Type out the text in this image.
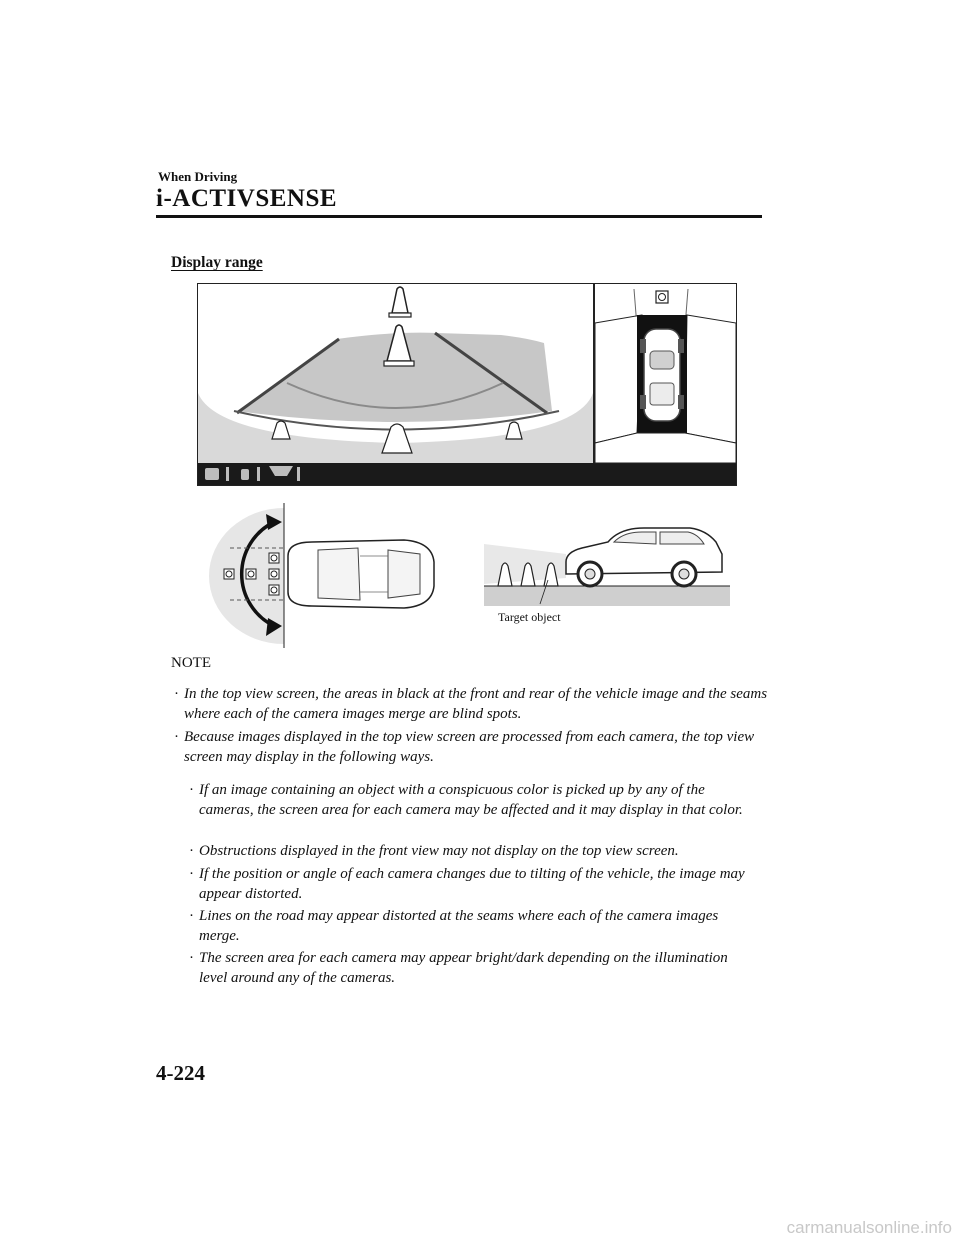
When Driving
i-ACTIVSENSE
Display range
Target object
NOTE
· In the top view screen, the areas in black at the front and rear of the vehicle image and the seams where each of the camera images merge are blind spots.
· Because images displayed in the top view screen are processed from each camera, the top view screen may display in the following ways.
· If an image containing an object with a conspicuous color is picked up by any of the cameras, the screen area for each camera may be affected and it may display in that color.
· Obstructions displayed in the front view may not display on the top view screen.
· If the position or angle of each camera changes due to tilting of the vehicle, the image may appear distorted.
· Lines on the road may appear distorted at the seams where each of the camera images merge.
· The screen area for each camera may appear bright/dark depending on the illumination level around any of the cameras.
4-224
carmanualsonline.info
